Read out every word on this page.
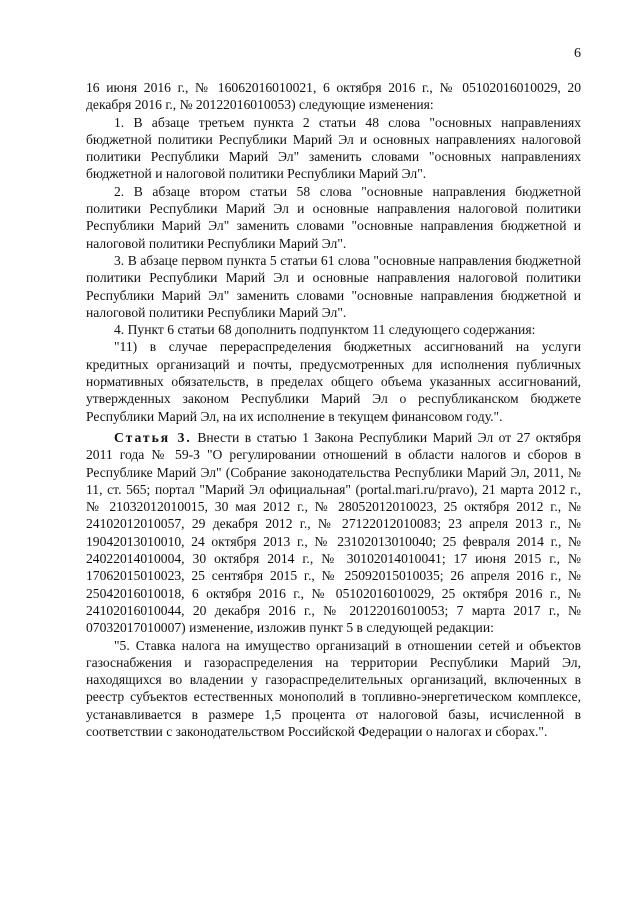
6

16 июня 2016 г., № 16062016010021, 6 октября 2016 г., № 05102016010029, 20 декабря 2016 г., № 20122016010053) следующие изменения:

1. В абзаце третьем пункта 2 статьи 48 слова "основных направлениях бюджетной политики Республики Марий Эл и основных направлениях налоговой политики Республики Марий Эл" заменить словами "основных направлениях бюджетной и налоговой политики Республики Марий Эл".

2. В абзаце втором статьи 58 слова "основные направления бюджетной политики Республики Марий Эл и основные направления налоговой политики Республики Марий Эл" заменить словами "основные направления бюджетной и налоговой политики Республики Марий Эл".

3. В абзаце первом пункта 5 статьи 61 слова "основные направления бюджетной политики Республики Марий Эл и основные направления налоговой политики Республики Марий Эл" заменить словами "основные направления бюджетной и налоговой политики Республики Марий Эл".

4. Пункт 6 статьи 68 дополнить подпунктом 11 следующего содержания:

"11) в случае перераспределения бюджетных ассигнований на услуги кредитных организаций и почты, предусмотренных для исполнения публичных нормативных обязательств, в пределах общего объема указанных ассигнований, утвержденных законом Республики Марий Эл о республиканском бюджете Республики Марий Эл, на их исполнение в текущем финансовом году.".

Статья 3. Внести в статью 1 Закона Республики Марий Эл от 27 октября 2011 года № 59-З "О регулировании отношений в области налогов и сборов в Республике Марий Эл" (Собрание законодательства Республики Марий Эл, 2011, № 11, ст. 565; портал "Марий Эл официальная" (portal.mari.ru/pravo), 21 марта 2012 г., № 21032012010015, 30 мая 2012 г., № 28052012010023, 25 октября 2012 г., № 24102012010057, 29 декабря 2012 г., № 27122012010083; 23 апреля 2013 г., № 19042013010010, 24 октября 2013 г., № 23102013010040; 25 февраля 2014 г., № 24022014010004, 30 октября 2014 г., № 30102014010041; 17 июня 2015 г., № 17062015010023, 25 сентября 2015 г., № 25092015010035; 26 апреля 2016 г., № 25042016010018, 6 октября 2016 г., № 05102016010029, 25 октября 2016 г., № 24102016010044, 20 декабря 2016 г., № 20122016010053; 7 марта 2017 г., № 07032017010007) изменение, изложив пункт 5 в следующей редакции:

"5. Ставка налога на имущество организаций в отношении сетей и объектов газоснабжения и газораспределения на территории Республики Марий Эл, находящихся во владении у газораспределительных организаций, включенных в реестр субъектов естественных монополий в топливно-энергетическом комплексе, устанавливается в размере 1,5 процента от налоговой базы, исчисленной в соответствии с законодательством Российской Федерации о налогах и сборах.".
